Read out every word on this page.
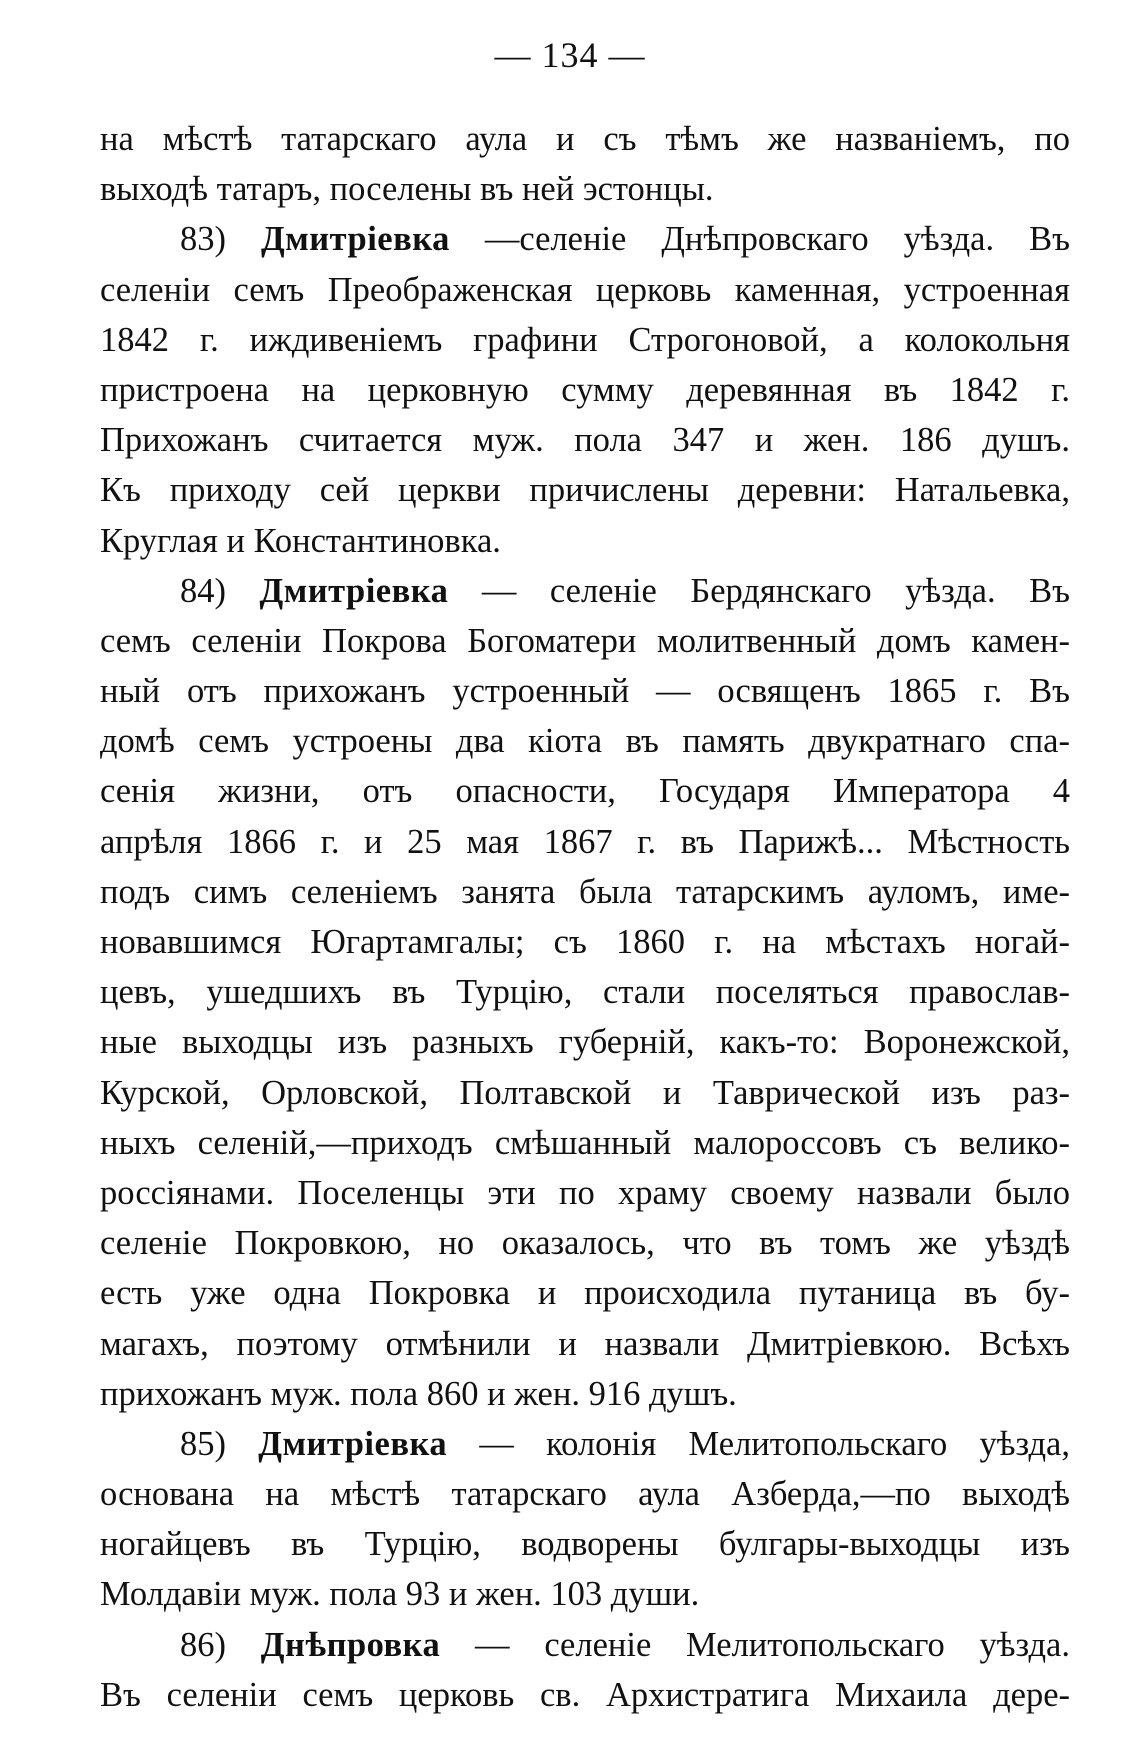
— 134 —
на мѣстѣ татарскаго аула и съ тѣмъ же названіемъ, по
выходѣ татаръ, поселены въ ней эстонцы.
83) Дмитріевка —селеніе Днѣпровскаго уѣзда. Въ
селеніи семъ Преображенская церковь каменная, устроенная
1842 г. иждивеніемъ графини Строгоновой, а колокольня
пристроена на церковную сумму деревянная въ 1842 г.
Прихожанъ считается муж. пола 347 и жен. 186 душъ.
Къ приходу сей церкви причислены деревни: Натальевка,
Круглая и Константиновка.
84) Дмитріевка — селеніе Бердянскаго уѣзда. Въ
семъ селеніи Покрова Богоматери молитвенный домъ камен-
ный отъ прихожанъ устроенный — освященъ 1865 г. Въ
домѣ семъ устроены два кіота въ память двукратнаго спа-
сенія жизни, отъ опасности, Государя Императора 4
апрѣля 1866 г. и 25 мая 1867 г. въ Парижѣ... Мѣстность
подъ симъ селеніемъ занята была татарскимъ ауломъ, име-
новавшимся Югартамгалы; съ 1860 г. на мѣстахъ ногай-
цевъ, ушедшихъ въ Турцію, стали поселяться православ-
ные выходцы изъ разныхъ губерній, какъ-то: Воронежской,
Курской, Орловской, Полтавской и Таврической изъ раз-
ныхъ селеній,—приходъ смѣшанный малороссовъ съ велико-
россіянами. Поселенцы эти по храму своему назвали было
селеніе Покровкою, но оказалось, что въ томъ же уѣздѣ
есть уже одна Покровка и происходила путаница въ бу-
магахъ, поэтому отмѣнили и назвали Дмитріевкою. Всѣхъ
прихожанъ муж. пола 860 и жен. 916 душъ.
85) Дмитріевка — колонія Мелитопольскаго уѣзда,
основана на мѣстѣ татарскаго аула Азберда,—по выходѣ
ногайцевъ въ Турцію, водворены булгары-выходцы изъ
Молдавіи муж. пола 93 и жен. 103 души.
86) Днѣпровка — селеніе Мелитопольскаго уѣзда.
Въ селеніи семъ церковь св. Архистратига Михаила дере-
